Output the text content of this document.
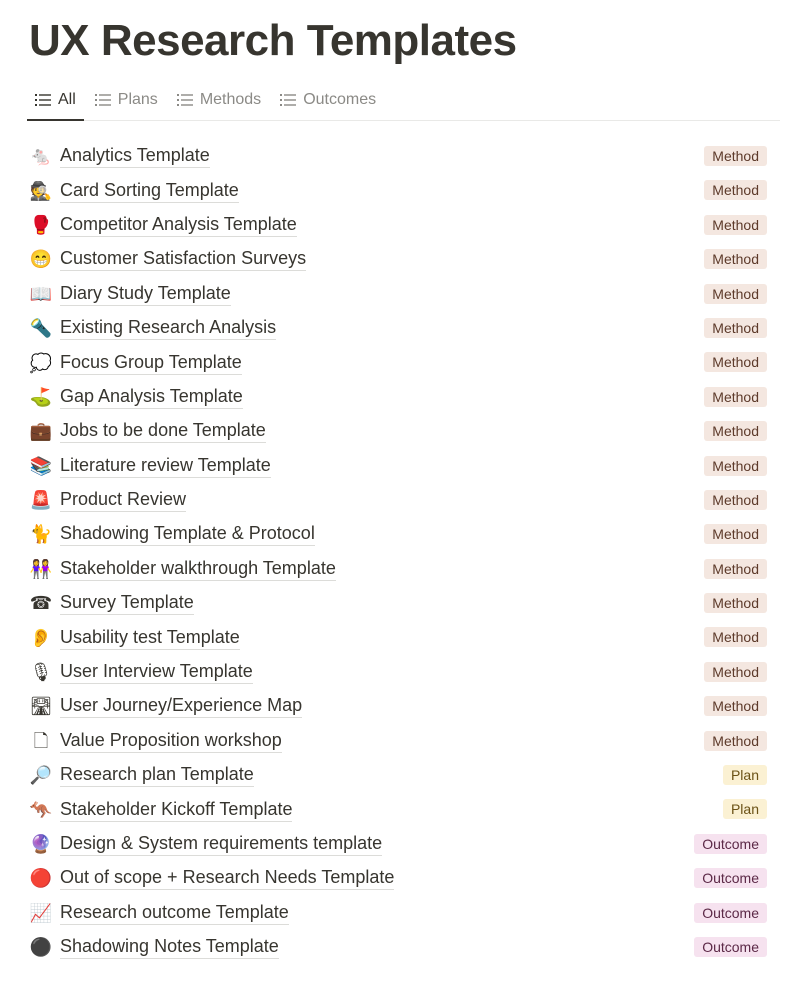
UX Research Templates
All	Plans	Methods	Outcomes
🐁 Analytics Template	Method
🕵 Card Sorting Template	Method
🥊 Competitor Analysis Template	Method
😁 Customer Satisfaction Surveys	Method
📖 Diary Study Template	Method
🔦 Existing Research Analysis	Method
💭 Focus Group Template	Method
⛳ Gap Analysis Template	Method
💼 Jobs to be done Template	Method
📚 Literature review Template	Method
🚨 Product Review	Method
🐈 Shadowing Template & Protocol	Method
👭 Stakeholder walkthrough Template	Method
☎ Survey Template	Method
👂 Usability test Template	Method
🎙 User Interview Template	Method
🛣 User Journey/Experience Map	Method
🗋 Value Proposition workshop	Method
🔎 Research plan Template	Plan
🦘 Stakeholder Kickoff Template	Plan
🔮 Design & System requirements template	Outcome
🔴 Out of scope + Research Needs Template	Outcome
📈 Research outcome Template	Outcome
⚫ Shadowing Notes Template	Outcome
